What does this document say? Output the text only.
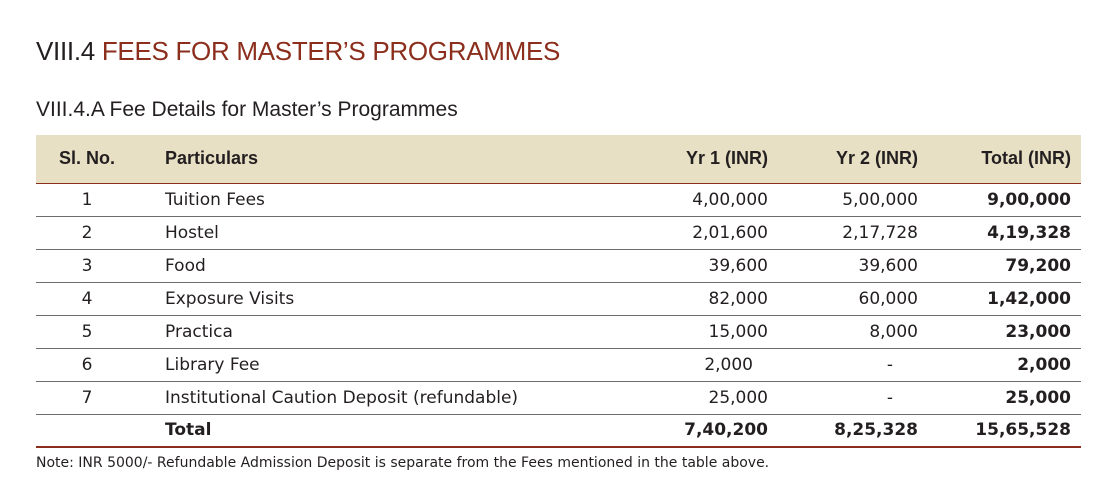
VIII.4 FEES FOR MASTER’S PROGRAMMES
VIII.4.A Fee Details for Master’s Programmes
Sl. No.	Particulars	Yr 1 (INR)	Yr 2 (INR)	Total (INR)
1	Tuition Fees	4,00,000	5,00,000	9,00,000
2	Hostel	2,01,600	2,17,728	4,19,328
3	Food	39,600	39,600	79,200
4	Exposure Visits	82,000	60,000	1,42,000
5	Practica	15,000	8,000	23,000
6	Library Fee	2,000	-	2,000
7	Institutional Caution Deposit (refundable)	25,000	-	25,000
	Total	7,40,200	8,25,328	15,65,528
Note: INR 5000/- Refundable Admission Deposit is separate from the Fees mentioned in the table above.
